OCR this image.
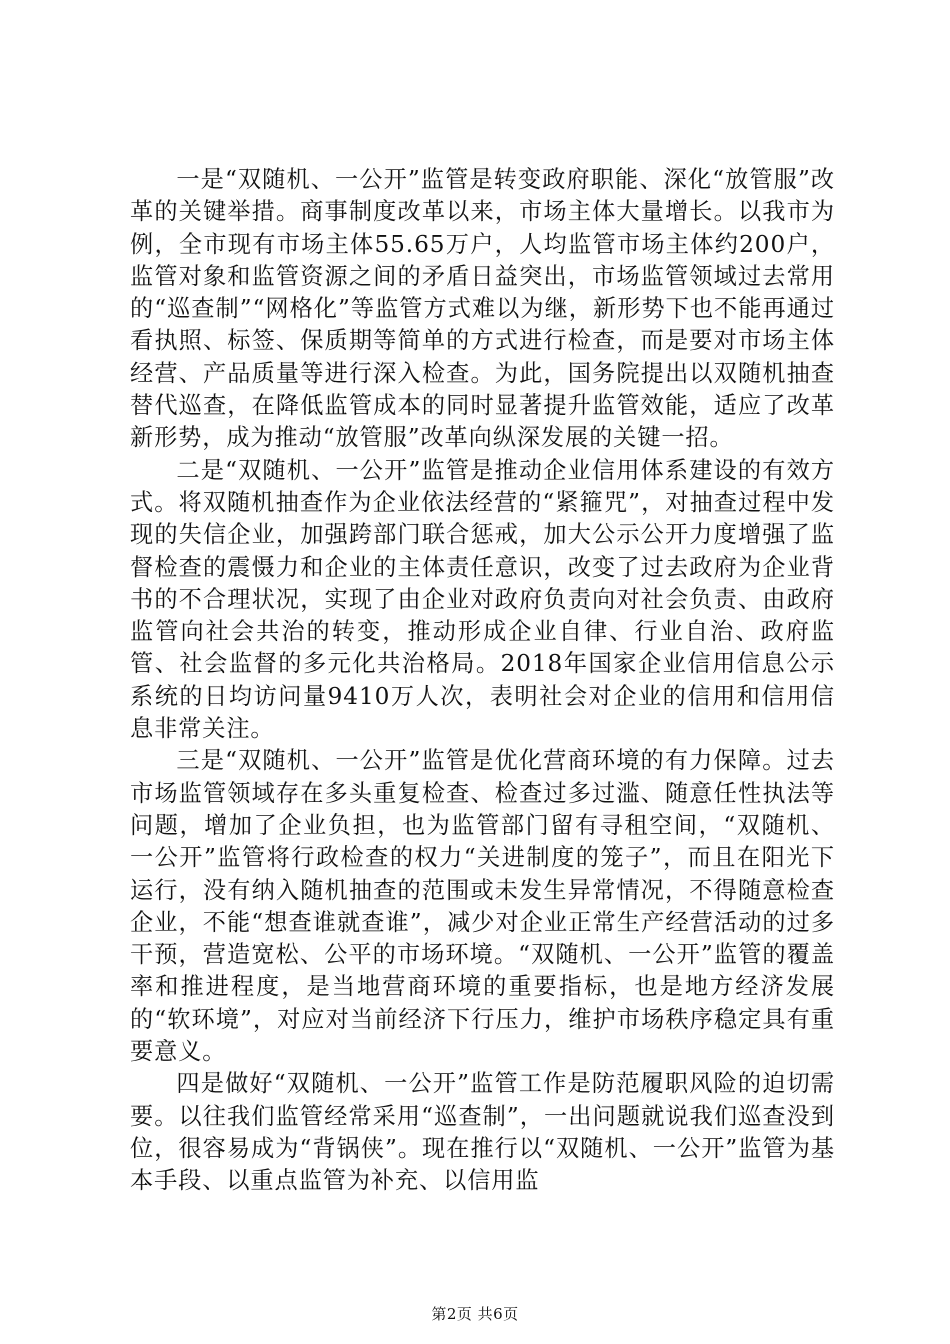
一是“双随机、一公开”监管是转变政府职能、深化“放管服”改革的关键举措。商事制度改革以来，市场主体大量增长。以我市为例，全市现有市场主体55.65万户，人均监管市场主体约200户，监管对象和监管资源之间的矛盾日益突出，市场监管领域过去常用的“巡查制”“网格化”等监管方式难以为继，新形势下也不能再通过看执照、标签、保质期等简单的方式进行检查，而是要对市场主体经营、产品质量等进行深入检查。为此，国务院提出以双随机抽查替代巡查，在降低监管成本的同时显著提升监管效能，适应了改革新形势，成为推动“放管服”改革向纵深发展的关键一招。

二是“双随机、一公开”监管是推动企业信用体系建设的有效方式。将双随机抽查作为企业依法经营的“紧箍咒”，对抽查过程中发现的失信企业，加强跨部门联合惩戒，加大公示公开力度增强了监督检查的震慑力和企业的主体责任意识，改变了过去政府为企业背书的不合理状况，实现了由企业对政府负责向对社会负责、由政府监管向社会共治的转变，推动形成企业自律、行业自治、政府监管、社会监督的多元化共治格局。2018年国家企业信用信息公示系统的日均访问量9410万人次，表明社会对企业的信用和信用信息非常关注。

三是“双随机、一公开”监管是优化营商环境的有力保障。过去市场监管领域存在多头重复检查、检查过多过滥、随意任性执法等问题，增加了企业负担，也为监管部门留有寻租空间，“双随机、一公开”监管将行政检查的权力“关进制度的笼子”，而且在阳光下运行，没有纳入随机抽查的范围或未发生异常情况，不得随意检查企业，不能“想查谁就查谁”，减少对企业正常生产经营活动的过多干预，营造宽松、公平的市场环境。“双随机、一公开”监管的覆盖率和推进程度，是当地营商环境的重要指标，也是地方经济发展的“软环境”，对应对当前经济下行压力，维护市场秩序稳定具有重要意义。

四是做好“双随机、一公开”监管工作是防范履职风险的迫切需要。以往我们监管经常采用“巡查制”，一出问题就说我们巡查没到位，很容易成为“背锅侠”。现在推行以“双随机、一公开”监管为基本手段、以重点监管为补充、以信用监

第2页 共6页
